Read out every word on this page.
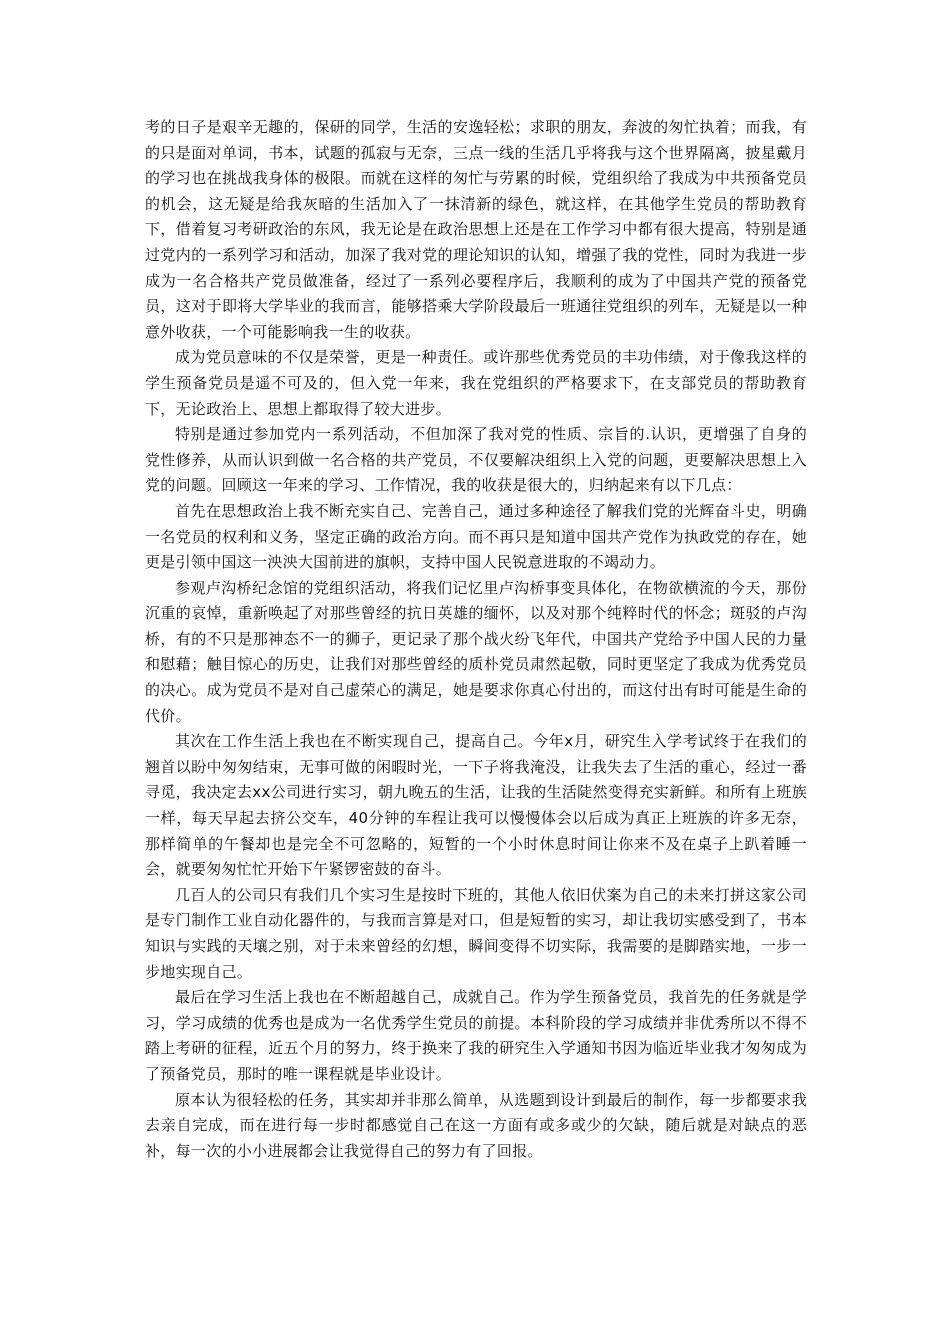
考的日子是艰辛无趣的，保研的同学，生活的安逸轻松；求职的朋友，奔波的匆忙执着；而我，有的只是面对单词，书本，试题的孤寂与无奈，三点一线的生活几乎将我与这个世界隔离，披星戴月的学习也在挑战我身体的极限。而就在这样的匆忙与劳累的时候，党组织给了我成为中共预备党员的机会，这无疑是给我灰暗的生活加入了一抹清新的绿色，就这样，在其他学生党员的帮助教育下，借着复习考研政治的东风，我无论是在政治思想上还是在工作学习中都有很大提高，特别是通过党内的一系列学习和活动，加深了我对党的理论知识的认知，增强了我的党性，同时为我进一步成为一名合格共产党员做准备，经过了一系列必要程序后，我顺利的成为了中国共产党的预备党员，这对于即将大学毕业的我而言，能够搭乘大学阶段最后一班通往党组织的列车，无疑是以一种意外收获，一个可能影响我一生的收获。

成为党员意味的不仅是荣誉，更是一种责任。或许那些优秀党员的丰功伟绩，对于像我这样的学生预备党员是遥不可及的，但入党一年来，我在党组织的严格要求下，在支部党员的帮助教育下，无论政治上、思想上都取得了较大进步。

特别是通过参加党内一系列活动，不但加深了我对党的性质、宗旨的.认识，更增强了自身的党性修养，从而认识到做一名合格的共产党员，不仅要解决组织上入党的问题，更要解决思想上入党的问题。回顾这一年来的学习、工作情况，我的收获是很大的，归纳起来有以下几点：

首先在思想政治上我不断充实自己、完善自己，通过多种途径了解我们党的光辉奋斗史，明确一名党员的权利和义务，坚定正确的政治方向。而不再只是知道中国共产党作为执政党的存在，她更是引领中国这一泱泱大国前进的旗帜，支持中国人民锐意进取的不竭动力。

参观卢沟桥纪念馆的党组织活动，将我们记忆里卢沟桥事变具体化，在物欲横流的今天，那份沉重的哀悼，重新唤起了对那些曾经的抗日英雄的缅怀，以及对那个纯粹时代的怀念；斑驳的卢沟桥，有的不只是那神态不一的狮子，更记录了那个战火纷飞年代，中国共产党给予中国人民的力量和慰藉；触目惊心的历史，让我们对那些曾经的质朴党员肃然起敬，同时更坚定了我成为优秀党员的决心。成为党员不是对自己虚荣心的满足，她是要求你真心付出的，而这付出有时可能是生命的代价。

其次在工作生活上我也在不断实现自己，提高自己。今年x月，研究生入学考试终于在我们的翘首以盼中匆匆结束，无事可做的闲暇时光，一下子将我淹没，让我失去了生活的重心，经过一番寻觅，我决定去xx公司进行实习，朝九晚五的生活，让我的生活陡然变得充实新鲜。和所有上班族一样，每天早起去挤公交车，40分钟的车程让我可以慢慢体会以后成为真正上班族的许多无奈，那样简单的午餐却也是完全不可忽略的，短暂的一个小时休息时间让你来不及在桌子上趴着睡一会，就要匆匆忙忙开始下午紧锣密鼓的奋斗。

几百人的公司只有我们几个实习生是按时下班的，其他人依旧伏案为自己的未来打拼这家公司是专门制作工业自动化器件的，与我而言算是对口，但是短暂的实习，却让我切实感受到了，书本知识与实践的天壤之别，对于未来曾经的幻想，瞬间变得不切实际，我需要的是脚踏实地，一步一步地实现自己。

最后在学习生活上我也在不断超越自己，成就自己。作为学生预备党员，我首先的任务就是学习，学习成绩的优秀也是成为一名优秀学生党员的前提。本科阶段的学习成绩并非优秀所以不得不踏上考研的征程，近五个月的努力，终于换来了我的研究生入学通知书因为临近毕业我才匆匆成为了预备党员，那时的唯一课程就是毕业设计。

原本认为很轻松的任务，其实却并非那么简单，从选题到设计到最后的制作，每一步都要求我去亲自完成，而在进行每一步时都感觉自己在这一方面有或多或少的欠缺，随后就是对缺点的恶补，每一次的小小进展都会让我觉得自己的努力有了回报。
